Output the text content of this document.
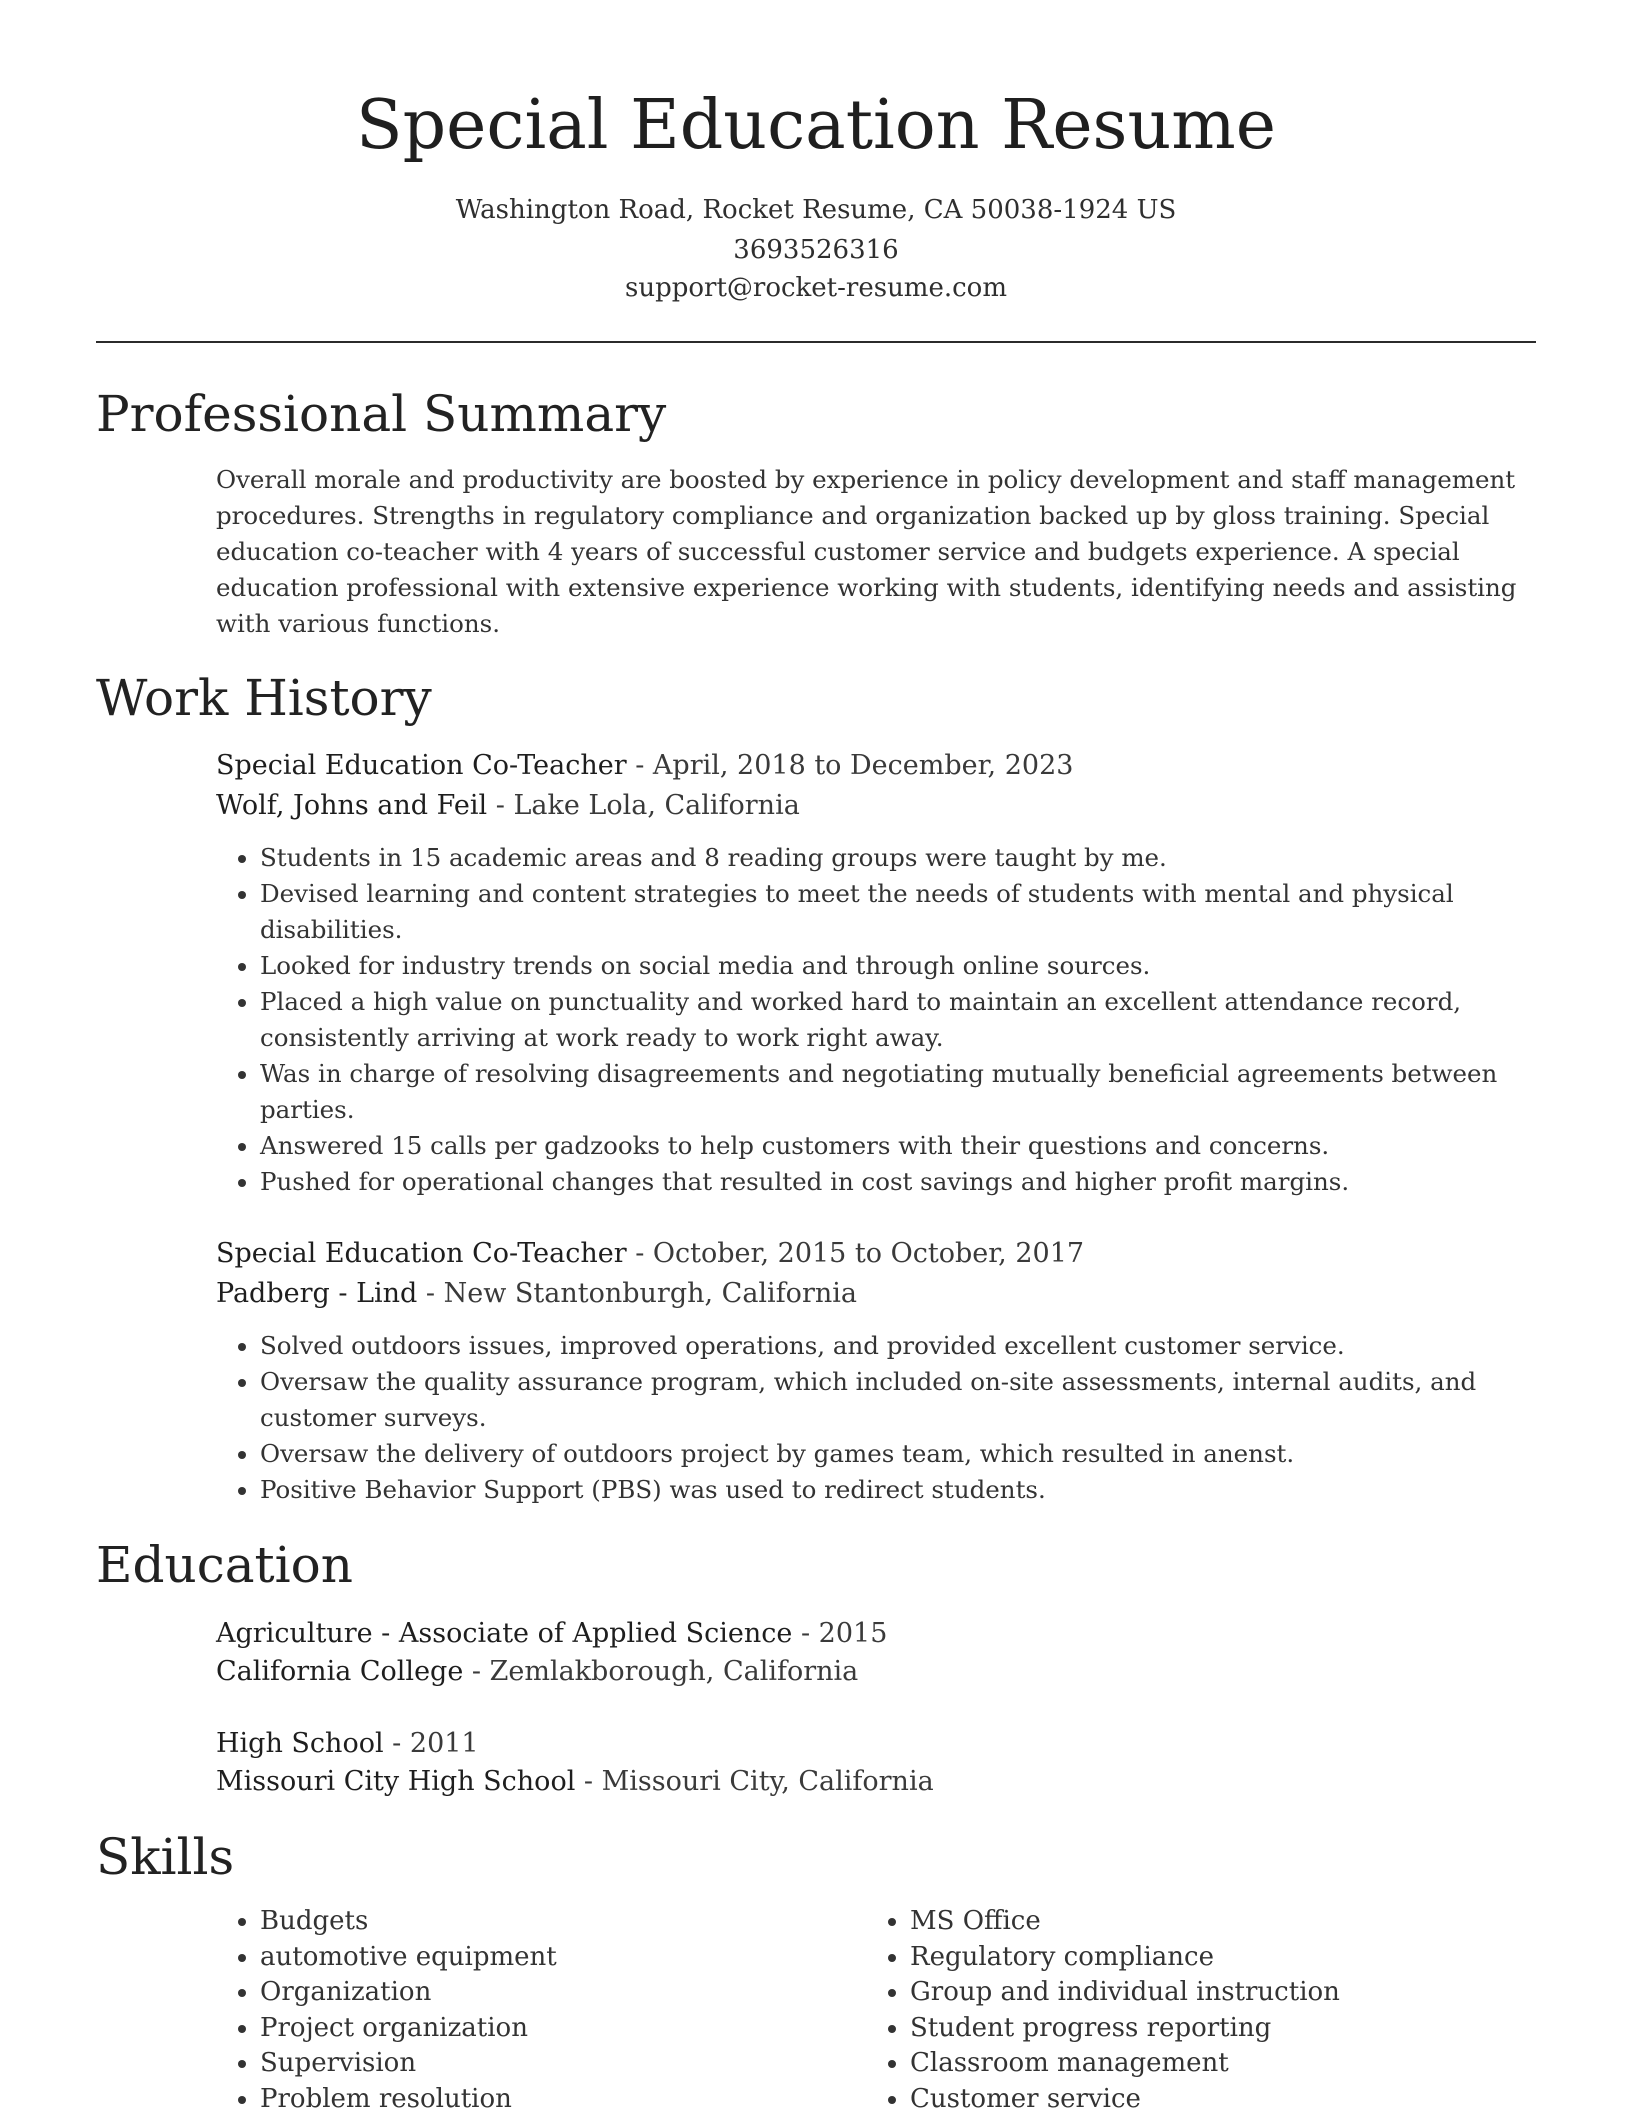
Special Education Resume
Washington Road, Rocket Resume, CA 50038-1924 US
3693526316
support@rocket-resume.com
Professional Summary

Overall morale and productivity are boosted by experience in policy development and staff management procedures. Strengths in regulatory compliance and organization backed up by gloss training. Special education co-teacher with 4 years of successful customer service and budgets experience. A special education professional with extensive experience working with students, identifying needs and assisting with various functions.

Work History
Special Education Co-Teacher - April, 2018 to December, 2023
Wolf, Johns and Feil - Lake Lola, California
• Students in 15 academic areas and 8 reading groups were taught by me.
• Devised learning and content strategies to meet the needs of students with mental and physical disabilities.
• Looked for industry trends on social media and through online sources.
• Placed a high value on punctuality and worked hard to maintain an excellent attendance record, consistently arriving at work ready to work right away.
• Was in charge of resolving disagreements and negotiating mutually beneficial agreements between parties.
• Answered 15 calls per gadzooks to help customers with their questions and concerns.
• Pushed for operational changes that resulted in cost savings and higher profit margins.
Special Education Co-Teacher - October, 2015 to October, 2017
Padberg - Lind - New Stantonburgh, California
• Solved outdoors issues, improved operations, and provided excellent customer service.
• Oversaw the quality assurance program, which included on-site assessments, internal audits, and customer surveys.
• Oversaw the delivery of outdoors project by games team, which resulted in anenst.
• Positive Behavior Support (PBS) was used to redirect students.
Education
Agriculture - Associate of Applied Science - 2015
California College - Zemlakborough, California
High School - 2011
Missouri City High School - Missouri City, California
Skills
• Budgets
• automotive equipment
• Organization
• Project organization
• Supervision
• Problem resolution
• MS Office
• Regulatory compliance
• Group and individual instruction
• Student progress reporting
• Classroom management
• Customer service
